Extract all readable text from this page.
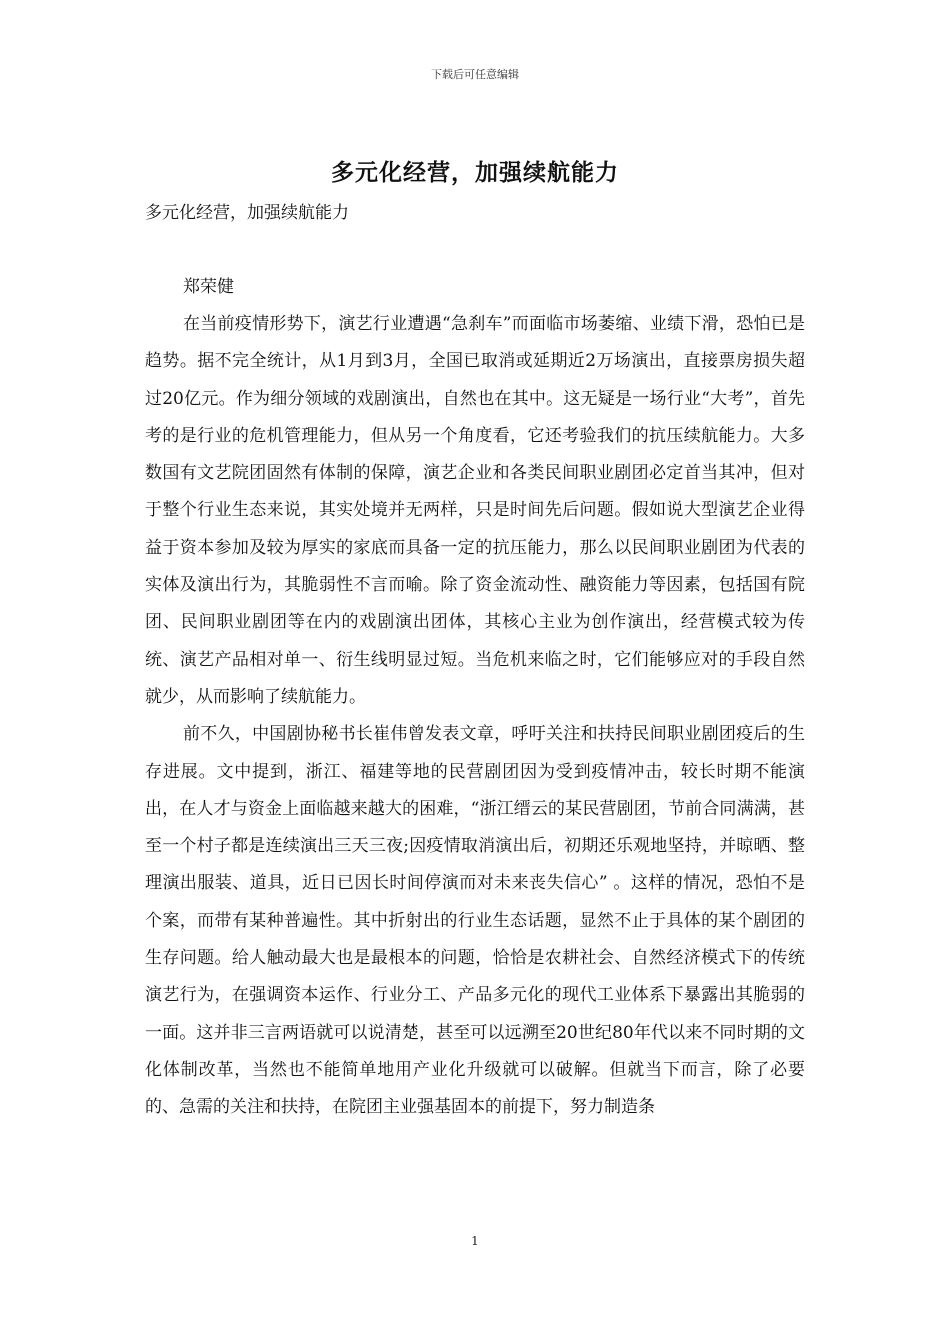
下载后可任意编辑
多元化经营，加强续航能力
多元化经营，加强续航能力
郑荣健

在当前疫情形势下，演艺行业遭遇“急刹车”而面临市场萎缩、业绩下滑，恐怕已是趋势。据不完全统计，从1月到3月，全国已取消或延期近2万场演出，直接票房损失超过20亿元。作为细分领域的戏剧演出，自然也在其中。这无疑是一场行业“大考”，首先考的是行业的危机管理能力，但从另一个角度看，它还考验我们的抗压续航能力。大多数国有文艺院团固然有体制的保障，演艺企业和各类民间职业剧团必定首当其冲，但对于整个行业生态来说，其实处境并无两样，只是时间先后问题。假如说大型演艺企业得益于资本参加及较为厚实的家底而具备一定的抗压能力，那么以民间职业剧团为代表的实体及演出行为，其脆弱性不言而喻。除了资金流动性、融资能力等因素，包括国有院团、民间职业剧团等在内的戏剧演出团体，其核心主业为创作演出，经营模式较为传统、演艺产品相对单一、衍生线明显过短。当危机来临之时，它们能够应对的手段自然就少，从而影响了续航能力。

前不久，中国剧协秘书长崔伟曾发表文章，呼吁关注和扶持民间职业剧团疫后的生存进展。文中提到，浙江、福建等地的民营剧团因为受到疫情冲击，较长时期不能演出，在人才与资金上面临越来越大的困难，“浙江缙云的某民营剧团，节前合同满满，甚至一个村子都是连续演出三天三夜;因疫情取消演出后，初期还乐观地坚持，并晾晒、整理演出服装、道具，近日已因长时间停演而对未来丧失信心” 。这样的情况，恐怕不是个案，而带有某种普遍性。其中折射出的行业生态话题，显然不止于具体的某个剧团的生存问题。给人触动最大也是最根本的问题，恰恰是农耕社会、自然经济模式下的传统演艺行为，在强调资本运作、行业分工、产品多元化的现代工业体系下暴露出其脆弱的一面。这并非三言两语就可以说清楚，甚至可以远溯至20世纪80年代以来不同时期的文化体制改革，当然也不能简单地用产业化升级就可以破解。但就当下而言，除了必要的、急需的关注和扶持，在院团主业强基固本的前提下，努力制造条

1
